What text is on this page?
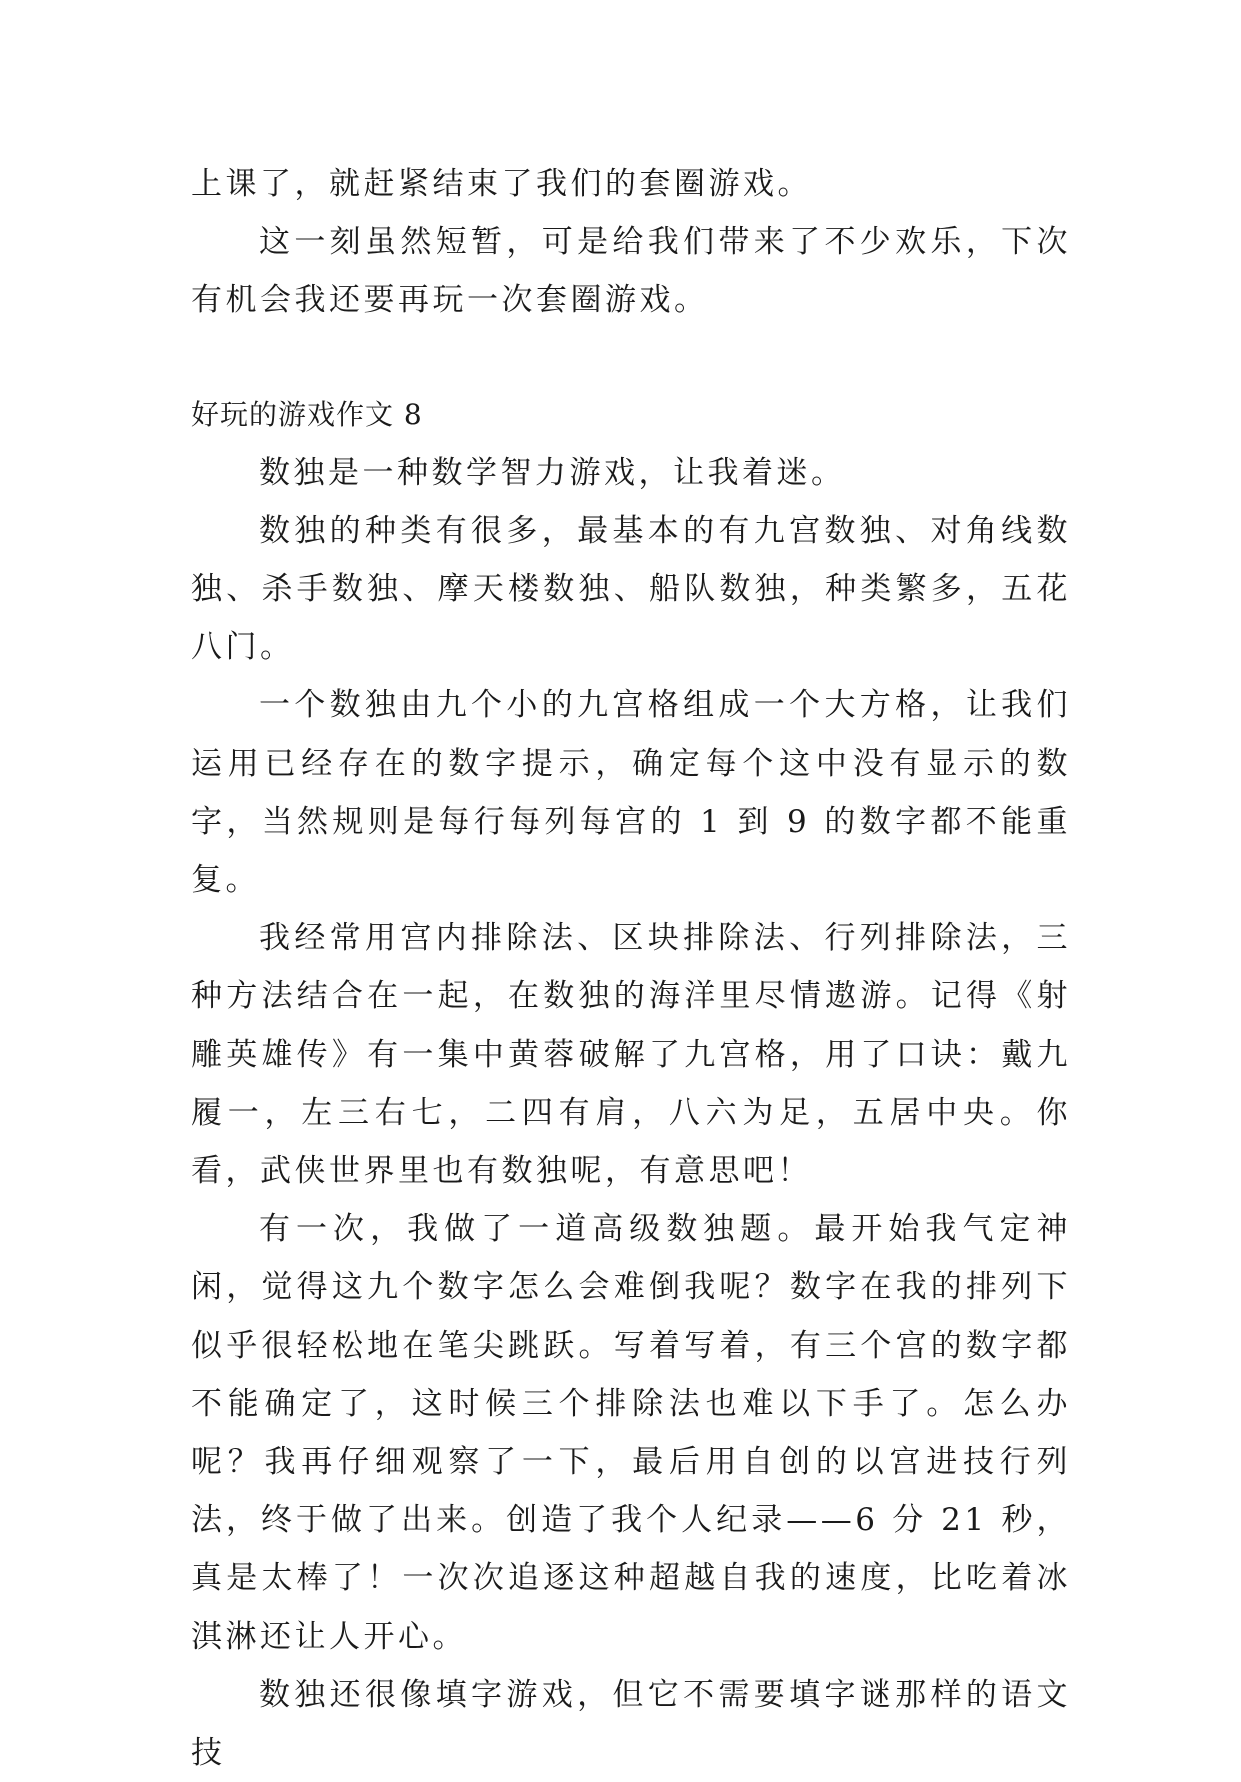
上课了，就赶紧结束了我们的套圈游戏。

这一刻虽然短暂，可是给我们带来了不少欢乐，下次有机会我还要再玩一次套圈游戏。

好玩的游戏作文 8

数独是一种数学智力游戏，让我着迷。

数独的种类有很多，最基本的有九宫数独、对角线数独、杀手数独、摩天楼数独、船队数独，种类繁多，五花八门。

一个数独由九个小的九宫格组成一个大方格，让我们运用已经存在的数字提示，确定每个这中没有显示的数字，当然规则是每行每列每宫的 1 到 9 的数字都不能重复。

我经常用宫内排除法、区块排除法、行列排除法，三种方法结合在一起，在数独的海洋里尽情遨游。记得《射雕英雄传》有一集中黄蓉破解了九宫格，用了口诀：戴九履一，左三右七，二四有肩，八六为足，五居中央。你看，武侠世界里也有数独呢，有意思吧！

有一次，我做了一道高级数独题。最开始我气定神闲，觉得这九个数字怎么会难倒我呢？数字在我的排列下似乎很轻松地在笔尖跳跃。写着写着，有三个宫的数字都不能确定了，这时候三个排除法也难以下手了。怎么办呢？我再仔细观察了一下，最后用自创的以宫进技行列法，终于做了出来。创造了我个人纪录——6 分 21 秒，真是太棒了！一次次追逐这种超越自我的速度，比吃着冰淇淋还让人开心。

数独还很像填字游戏，但它不需要填字谜那样的语文技
